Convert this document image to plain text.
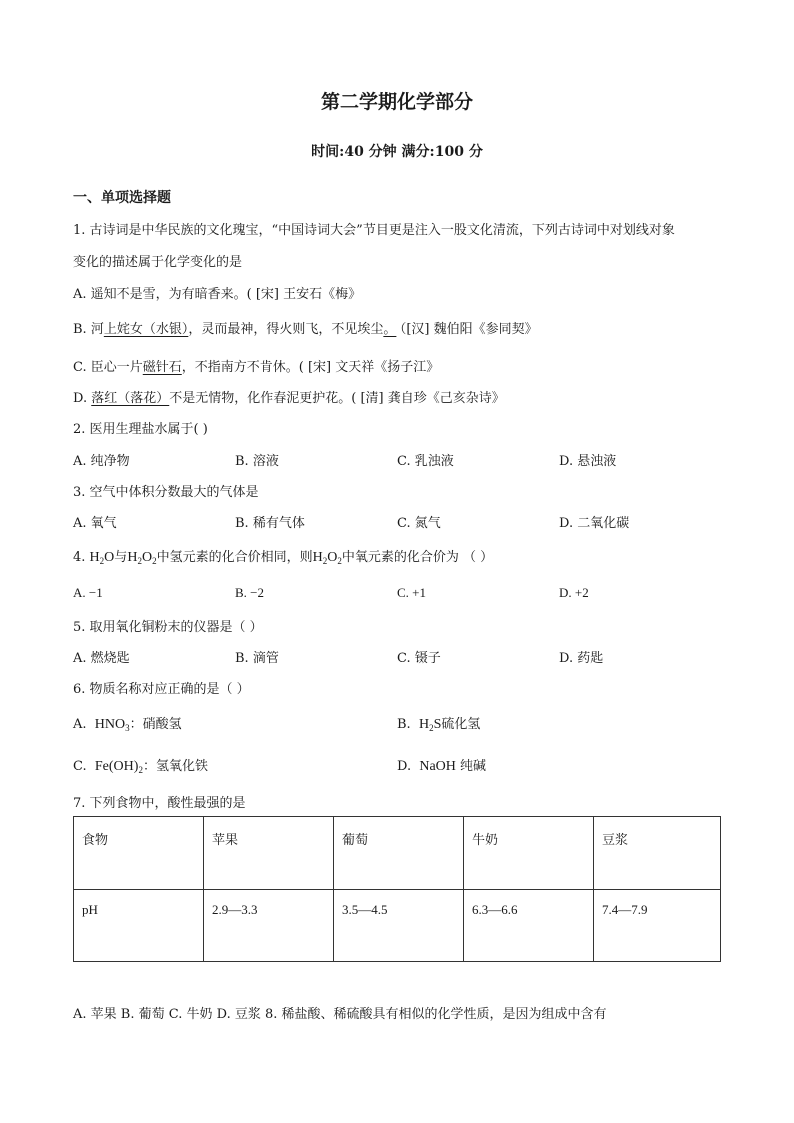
第二学期化学部分
时间:40 分钟 满分:100 分
一、单项选择题
1. 古诗词是中华民族的文化瑰宝，“中国诗词大会”节目更是注入一股文化清流，下列古诗词中对划线对象
变化的描述属于化学变化的是
A. 遥知不是雪，为有暗香来。( [宋] 王安石《梅》
B. 河上姹女（水银），灵而最神，得火则飞，不见埃尘。（[汉] 魏伯阳《参同契》
C. 臣心一片磁针石，不指南方不肯休。( [宋] 文天祥《扬子江》
D. 落红（落花）不是无情物，化作春泥更护花。( [清] 龚自珍《己亥杂诗》
2. 医用生理盐水属于( )
A. 纯净物	B. 溶液	C. 乳浊液	D. 悬浊液
3. 空气中体积分数最大的气体是
A. 氧气	B. 稀有气体	C. 氮气	D. 二氧化碳
4. $H_2O$与$H_2O_2$中氢元素的化合价相同，则$H_2O_2$中氧元素的化合价为 （ ）
A. −1	B. −2	C. +1	D. +2
5. 取用氧化铜粉末的仪器是（ ）
A. 燃烧匙	B. 滴管	C. 镊子	D. 药匙
6. 物质名称对应正确的是（ ）
A. $HNO_3$：硝酸氢	B. $H_2S$硫化氢
C. $Fe(OH)_2$：氢氧化铁	D. NaOH 纯碱
7. 下列食物中，酸性最强的是
食物	苹果	葡萄	牛奶	豆浆
pH	2.9—3.3	3.5—4.5	6.3—6.6	7.4—7.9
A. 苹果 B. 葡萄 C. 牛奶 D. 豆浆 8. 稀盐酸、稀硫酸具有相似的化学性质，是因为组成中含有
